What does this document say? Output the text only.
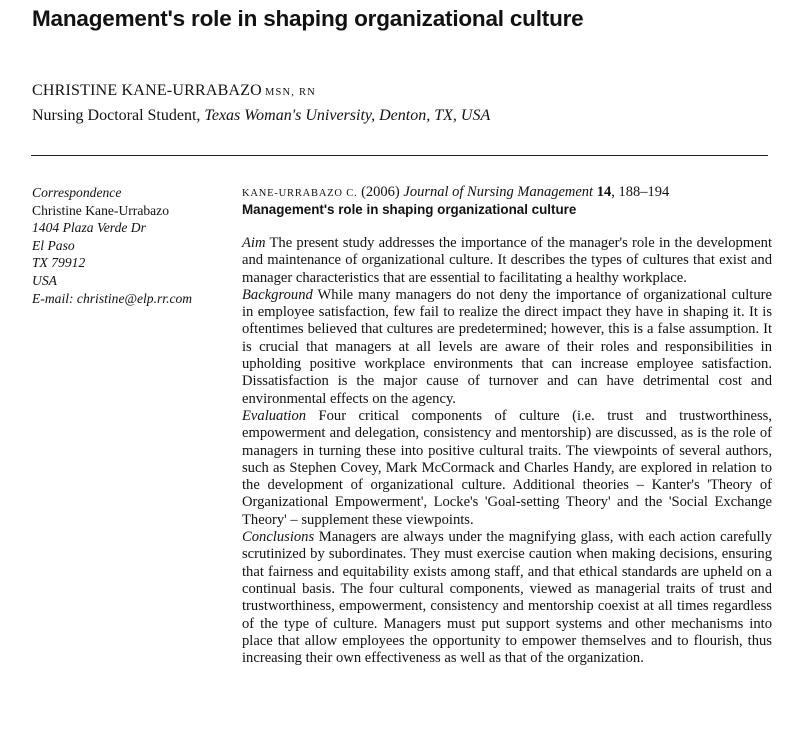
Management's role in shaping organizational culture
CHRISTINE KANE-URRABAZO MSN, RN
Nursing Doctoral Student, Texas Woman's University, Denton, TX, USA
Correspondence
Christine Kane-Urrabazo
1404 Plaza Verde Dr
El Paso
TX 79912
USA
E-mail: christine@elp.rr.com
KANE-URRABAZO C. (2006) Journal of Nursing Management 14, 188–194
Management's role in shaping organizational culture

Aim The present study addresses the importance of the manager's role in the development and maintenance of organizational culture. It describes the types of cultures that exist and manager characteristics that are essential to facilitating a healthy workplace.

Background While many managers do not deny the importance of organizational culture in employee satisfaction, few fail to realize the direct impact they have in shaping it. It is oftentimes believed that cultures are predetermined; however, this is a false assumption. It is crucial that managers at all levels are aware of their roles and responsibilities in upholding positive workplace environments that can increase employee satisfaction. Dissatisfaction is the major cause of turnover and can have detrimental cost and environmental effects on the agency.

Evaluation Four critical components of culture (i.e. trust and trustworthiness, empowerment and delegation, consistency and mentorship) are discussed, as is the role of managers in turning these into positive cultural traits. The viewpoints of several authors, such as Stephen Covey, Mark McCormack and Charles Handy, are explored in relation to the development of organizational culture. Additional theories – Kanter's 'Theory of Organizational Empowerment', Locke's 'Goal-setting Theory' and the 'Social Exchange Theory' – supplement these viewpoints.

Conclusions Managers are always under the magnifying glass, with each action carefully scrutinized by subordinates. They must exercise caution when making decisions, ensuring that fairness and equitability exists among staff, and that ethical standards are upheld on a continual basis. The four cultural components, viewed as managerial traits of trust and trustworthiness, empowerment, consistency and mentorship coexist at all times regardless of the type of culture. Managers must put support systems and other mechanisms into place that allow employees the opportunity to empower themselves and to flourish, thus increasing their own effectiveness as well as that of the organization.
